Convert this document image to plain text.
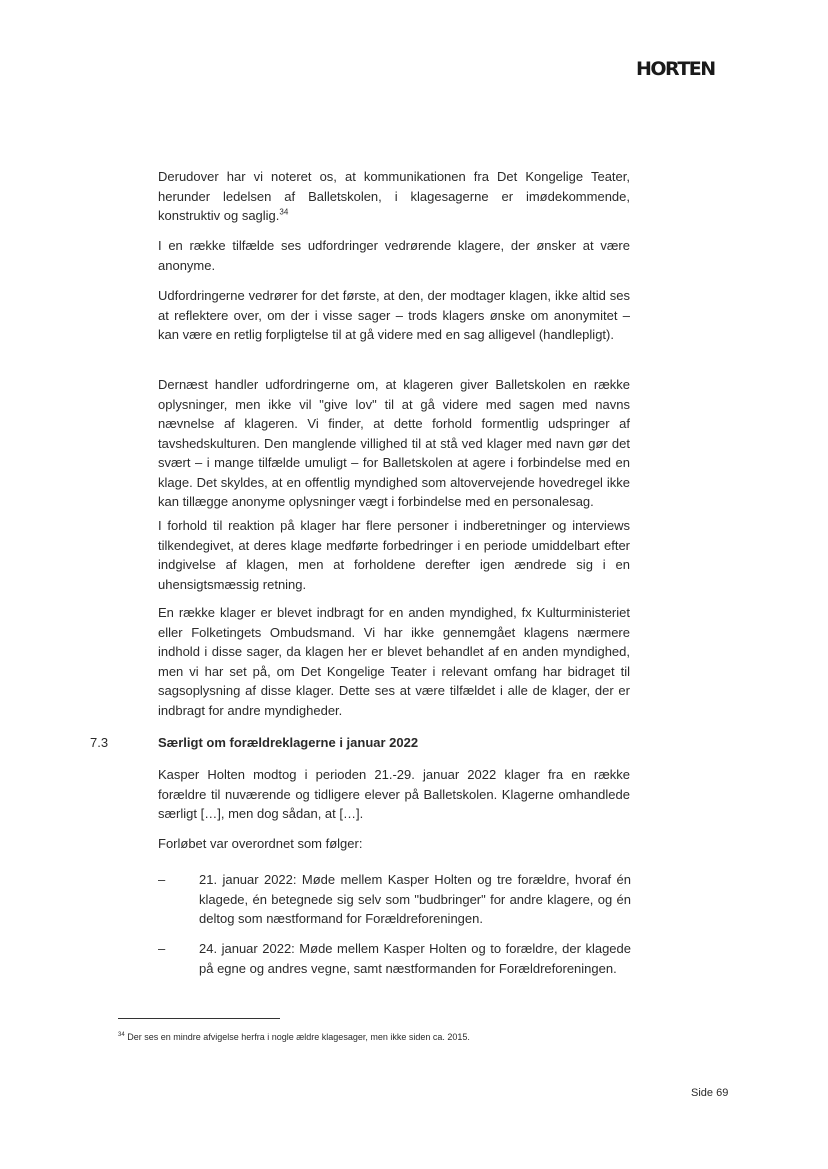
HORTEN

Derudover har vi noteret os, at kommunikationen fra Det Kongelige Teater, herunder ledelsen af Balletskolen, i klagesagerne er imødekommende, konstruktiv og saglig.$^{34}$

I en række tilfælde ses udfordringer vedrørende klagere, der ønsker at være anonyme.

Udfordringerne vedrører for det første, at den, der modtager klagen, ikke altid ses at reflektere over, om der i visse sager – trods klagers ønske om anonymitet – kan være en retlig forpligtelse til at gå videre med en sag alligevel (handlepligt).

Dernæst handler udfordringerne om, at klageren giver Balletskolen en række oplysninger, men ikke vil "give lov" til at gå videre med sagen med navns nævnelse af klageren. Vi finder, at dette forhold formentlig udspringer af tavshedskulturen. Den manglende villighed til at stå ved klager med navn gør det svært – i mange tilfælde umuligt – for Balletskolen at agere i forbindelse med en klage. Det skyldes, at en offentlig myndighed som altovervejende hovedregel ikke kan tillægge anonyme oplysninger vægt i forbindelse med en personalesag.

I forhold til reaktion på klager har flere personer i indberetninger og interviews tilkendegivet, at deres klage medførte forbedringer i en periode umiddelbart efter indgivelse af klagen, men at forholdene derefter igen ændrede sig i en uhensigtsmæssig retning.

En række klager er blevet indbragt for en anden myndighed, fx Kulturministeriet eller Folketingets Ombudsmand. Vi har ikke gennemgået klagens nærmere indhold i disse sager, da klagen her er blevet behandlet af en anden myndighed, men vi har set på, om Det Kongelige Teater i relevant omfang har bidraget til sagsoplysning af disse klager. Dette ses at være tilfældet i alle de klager, der er indbragt for andre myndigheder.

7.3	Særligt om forældreklagerne i januar 2022

Kasper Holten modtog i perioden 21.-29. januar 2022 klager fra en række forældre til nuværende og tidligere elever på Balletskolen. Klagerne omhandlede særligt […], men dog sådan, at […].

Forløbet var overordnet som følger:

–	21. januar 2022: Møde mellem Kasper Holten og tre forældre, hvoraf én klagede, én betegnede sig selv som "budbringer" for andre klagere, og én deltog som næstformand for Forældreforeningen.

–	24. januar 2022: Møde mellem Kasper Holten og to forældre, der klagede på egne og andres vegne, samt næstformanden for Forældreforeningen.

$^{34}$ Der ses en mindre afvigelse herfra i nogle ældre klagesager, men ikke siden ca. 2015.

Side 69
